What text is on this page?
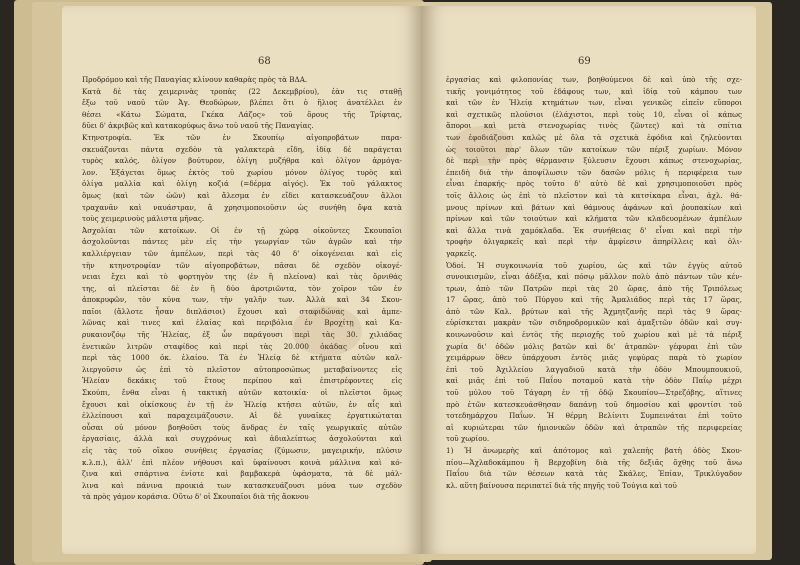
68
Προδρόμου καὶ τῆς Παναγίας κλίνουν καθαρὰς πρὸς τὰ ΒΔΑ.
Κατὰ δὲ τὰς χειμερινὰς τροπὰς (22 Δεκεμβρίου), ἐὰν τις σταθῇ
ἔξω τοῦ ναοῦ τῶν Ἀγ. Θεοδώρων, βλέπει ὅτι ὁ ἥλιος ἀνατέλλει ἐν
θέσει «Κάτω Σώματα, Γκέκα Λάζος» τοῦ ὄρους τῆς Τρίφτας,
δῦει δ' ἀκριβῶς καὶ κατακορύφως ἄνω τοῦ ναοῦ τῆς Παναγίας.
Κτηνοτροφία. Ἐκ τῶν ἐν Σκουπίῳ αἰγοπροβάτων παρα-
σκευάζονται πάντα σχεδὸν τὰ γαλακτερὰ εἴδη, ἰδίᾳ δὲ παράγεται
τυρὸς καλός, ὀλίγον βούτυρον, ὀλίγη μυζήθρα καὶ ὀλίγον ἀρμόγα-
λον. Ἐξάγεται ὅμως ἐκτὸς τοῦ χωρίου μόνον ὀλίγος τυρὸς καὶ
ὀλίγα μαλλία καὶ ὀλίγη κοζιά (=δέρμα αἰγός). Ἐκ τοῦ γάλακτος
ὅμως (καὶ τῶν ὠῶν) καὶ ἄλεσμα ἐν εἴδει κατασκευάζουν ἄλλοι
τραχανᾶν καὶ ναυάστραν, ἃ χρησιμοποιοῦσιν ὡς συνήθη ὄψα κατὰ
τοὺς χειμερινοὺς μάλιστα μῆνας.
Ἀσχολίαι τῶν κατοίκων. Οἱ ἐν τῇ χώρᾳ οἰκοῦντες Σκουπαῖοι
ἀσχολοῦνται πάντες μὲν εἰς τὴν γεωργίαν τῶν ἀγρῶν καὶ τὴν
καλλιέργειαν τῶν ἀμπέλων, περὶ τὰς 40 δ' οἰκογένειαι καὶ εἰς
τὴν κτηνοτροφίαν τῶν αἰγοπροβάτων, πᾶσαι δὲ σχεδὸν οἰκογέ-
νειαι ἔχει καὶ τὸ φορτηγὸν της (ἐν ἢ πλείονα) καὶ τὰς ὄρνιθάς
της, αἱ πλεῖσται δὲ ἐν ἢ δύο ἀροτριῶντα, τὸν χοῖρον τῶν ἐν
ἀποκρυφῶν, τὸν κύνα των, τὴν γαλῆν των. Ἀλλὰ καὶ 34 Σκου-
παῖοι (ἄλλοτε ἦσαν διπλάσιοι) ἔχουσι καὶ σταφιδώνας καὶ ἀμπε-
λῶνας καὶ τινες καὶ ἐλαίας καὶ περιβόλια ἐν Βροχίτῃ καὶ Κα-
ρυκαιονζόῳ τῆς Ἠλείας, ἐξ ὧν παράγουσι περὶ τὰς 30. χιλιάδας
ἑνετικῶν λιτρῶν σταφίδος καὶ περὶ τὰς 20.000 ὀκάδας οἴνου καὶ
περὶ τὰς 1000 ὀκ. ἐλαίου. Τὰ ἐν Ἠλείᾳ δὲ κτήματα αὐτῶν καλ-
λιεργοῦσιν ὡς ἐπὶ τὸ πλεῖστον αὐτοπροσώπως μεταβαίνοντες εἰς
Ἠλείαν δεκάκις τοῦ ἔτους περίπου καὶ ἐπιστρέφοντες εἰς
Σκούπι, ἔνθα εἶναι ἡ τακτικὴ αὐτῶν κατοικία· οἱ πλεῖστοι ὅμως
ἔχουσι καὶ οἰκίσκους ἐν τῇ ἐν Ἠλείᾳ κτήσει αὐτῶν, ἐν αἷς καὶ
ἐλλείπουσι καὶ παραχειμάζουσιν. Αἱ δὲ γυναῖκες ἐργατικώταται
οὖσαι οὐ μόνον βοηθοῦσι τοὺς ἄνδρας ἐν ταῖς γεωργικαῖς αὐτῶν
ἐργασίαις, ἀλλὰ καὶ συγχρόνως καὶ ἀδιαλείπτως ἀσχολοῦνται καὶ
εἰς τὰς τοῦ οἴκου συνήθεις ἐργασίας (ζύμωσιν, μαγειρικήν, πλύσιν
κ.λ.π.), ἀλλ' ἐπὶ πλέον νήθουσι καὶ ὑφαίνουσι κοινὰ μάλλινα καὶ κό-
ζινα καὶ σπάρτινα ἐνίοτε καὶ βαμβακερὰ ὑφάσματα, τὰ δὲ μάλ-
λινα καὶ πάνινα προικιά των κατασκευάζουσι μόνα των σχεδὸν
τὰ πρὸς γάμον κοράσια. Οὕτω δ' οἱ Σκουπαῖοι διὰ τῆς ἄοκνου
69
ἐργασίας καὶ φιλοπονίας των, βοηθούμενοι δὲ καὶ ὑπὸ τῆς σχε-
τικῆς γονιμότητος τοῦ ἐδάφους των, καὶ ἰδίᾳ τοῦ κάμπου των
καὶ τῶν ἐν Ἠλείᾳ κτημάτων των, εἶναι γενικῶς εἰπεῖν εὔποροι
καὶ σχετικῶς πλούσιοι (ἐλάχιστοι, περὶ τοὺς 10, εἶναι οἱ κάπως
ἄποροι καὶ μετὰ στενοχωρίας τινὸς ζῶντες) καὶ τὰ σπίτια
των ἐφοδιάζουσι καλῶς μὲ ὅλα τὰ σχετικὰ ἐφόδια καὶ ζηλεύονται
ὡς τοιοῦτοι παρ' ὅλων τῶν κατοίκων τῶν πέριξ χωρίων. Μόνον
δὲ περὶ τὴν πρὸς θέρμανσιν ξύλευσιν ἔχουσι κάπως στενοχωρίας,
ἐπειδὴ διὰ τὴν ἀποψίλωσιν τῶν δασῶν μόλις ἡ περιφέρεια των
εἶναι ἐπαρκής· πρὸς τοῦτο δ' αὐτὸ δὲ καὶ χρησιμοποιοῦσι πρὸς
τοῖς ἄλλοις ὡς ἐπὶ τὸ πλεῖστον καὶ τὰ κατσίκαρα εἶναι, ἀχλ. θά-
μνους πρίνων καὶ βάτων καὶ θάμνους ἀφάνων καὶ ῥουπακίων καὶ
πρίνων καὶ τῶν τοιούτων καὶ κλήματα τῶν κλαδευομένων ἀμπέλων
καὶ ἄλλα τινὰ χαμόκλαδα. Ἐκ συνήθειας δ' εἶναι καὶ περὶ τὴν
τροφὴν ὀλιγαρκεῖς καὶ περὶ τὴν ἀμφίεσιν ἀπηρίλλεις καὶ ὀλι-
γαρκεῖς.
Ὁδοί. Ἡ συγκοινωνία τοῦ χωρίου, ὡς καὶ τῶν ἐγγὺς αὐτοῦ
συνοικισμῶν, εἶναι ἀδέξια, καὶ πόσῳ μᾶλλον πολὺ ἀπὸ πάντων τῶν κέν-
τρων, ἀπὸ τῶν Πατρῶν περὶ τὰς 20 ὥρας, ἀπὸ τῆς Τριπόλεως
17 ὥρας, ἀπὸ τοῦ Πύργου καὶ τῆς Ἀμαλιάδος περὶ τὰς 17 ὥρας,
ἀπὸ τῶν Καλ. βρύτων καὶ τῆς Ἀχμητζανῆς περὶ τὰς 9 ὥρας·
εὑρίσκεται μακρὰν τῶν σιδηροδρομικῶν καὶ ἁμαξιτῶν ὁδῶν καὶ συγ-
κοινωνοῦσιν καὶ ἐντὸς τῆς περιοχῆς τοῦ χωρίου καὶ μὲ τὰ πέριξ
χωρία δι' ὁδῶν μόλις βατῶν καὶ δι' ἀτραπῶν· γέφυραι ἐπὶ τῶν
χειμάρρων ὅθεν ὑπάρχουσι ἐντὸς μιᾶς γεφύρας παρὰ τὸ χωρίον
ἐπὶ τοῦ Ἀχιλλείου λαγγαδιοῦ κατὰ τὴν ὁδὸν Μπουμπουκιοῦ,
καὶ μιᾶς ἐπὶ τοῦ Παΐου ποταμοῦ κατὰ τὴν ὁδὸν Παΐῳ μέχρι
τοῦ μύλου τοῦ Τάγαρη ἐν τῇ ὁδῷ Σκουπίου—Στρεζόβης, αἵτινες
πρὸ ἐτῶν κατεσκευάσθησαν δαπάνῃ τοῦ δημοσίου καὶ φροντίσι τοῦ
τοτεδημάρχου Παΐων. Ἡ θέρμη Βελίνιτι Συμπεινάται ἐπὶ τοῦτο
αἱ κυριώτεραι τῶν ἡμιονικῶν ὁδῶν καὶ ἀτραπῶν τῆς περιφερείας
τοῦ χωρίου.
1) Ἡ ἀνωμερὴς καὶ ἀπότομος καὶ χαλεπὴς βατὴ ὁδὸς Σκου-
πίου—Ἀχλαδοκάμπου ἢ Βερχοβίνη διὰ τῆς δεξιᾶς ὄχθης τοῦ ἄνω
Παΐου διὰ τῶν θέσεων κατὰ τὰς Σκάλες, Ἐπίαν, Τρικλύγαδον
κλ. αὕτη βαίνουσα περιπατεῖ διὰ τῆς πηγῆς τοῦ Τούγια καὶ τοῦ
